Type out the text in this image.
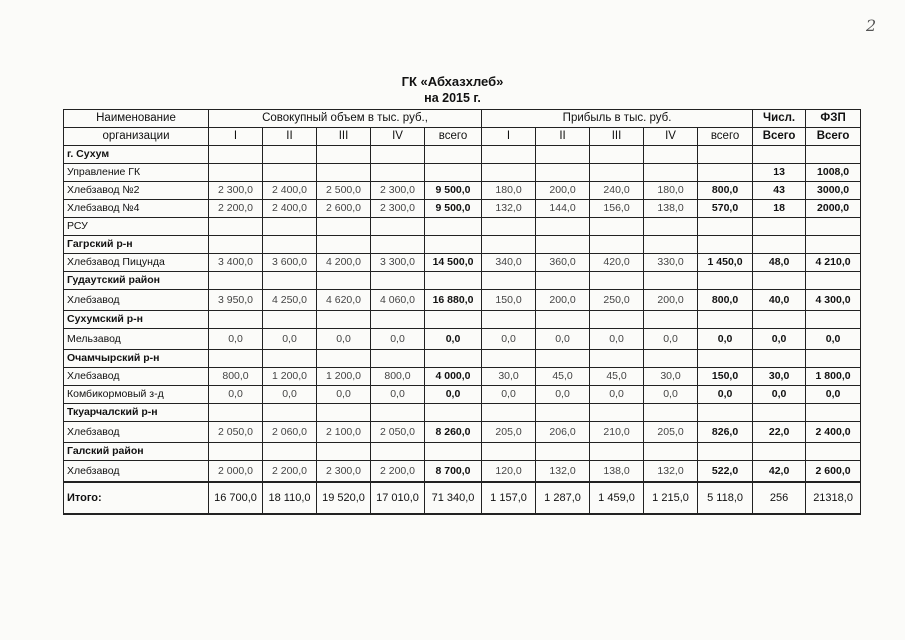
2
ГК «Абхазхлеб»
на 2015 г.
Наименование	Совокупный объем в тыс. руб.,					Прибыль в тыс. руб.					Числ.	ФЗП
организации	I	II	III	IV	всего	I	II	III	IV	всего	Всего	Всего
г. Сухум												
Управление ГК											13	1008,0
Хлебзавод №2	2 300,0	2 400,0	2 500,0	2 300,0	9 500,0	180,0	200,0	240,0	180,0	800,0	43	3000,0
Хлебзавод №4	2 200,0	2 400,0	2 600,0	2 300,0	9 500,0	132,0	144,0	156,0	138,0	570,0	18	2000,0
РСУ												
Гагрский р-н												
Хлебзавод Пицунда	3 400,0	3 600,0	4 200,0	3 300,0	14 500,0	340,0	360,0	420,0	330,0	1 450,0	48,0	4 210,0
Гудаутский район												
Хлебзавод	3 950,0	4 250,0	4 620,0	4 060,0	16 880,0	150,0	200,0	250,0	200,0	800,0	40,0	4 300,0
Сухумский р-н												
Мельзавод	0,0	0,0	0,0	0,0	0,0	0,0	0,0	0,0	0,0	0,0	0,0	0,0
Очамчырский р-н												
Хлебзавод	800,0	1 200,0	1 200,0	800,0	4 000,0	30,0	45,0	45,0	30,0	150,0	30,0	1 800,0
Комбикормовый з-д	0,0	0,0	0,0	0,0	0,0	0,0	0,0	0,0	0,0	0,0	0,0	0,0
Ткуарчалский р-н												
Хлебзавод	2 050,0	2 060,0	2 100,0	2 050,0	8 260,0	205,0	206,0	210,0	205,0	826,0	22,0	2 400,0
Галский район												
Хлебзавод	2 000,0	2 200,0	2 300,0	2 200,0	8 700,0	120,0	132,0	138,0	132,0	522,0	42,0	2 600,0
Итого:	16 700,0	18 110,0	19 520,0	17 010,0	71 340,0	1 157,0	1 287,0	1 459,0	1 215,0	5 118,0	256	21318,0
